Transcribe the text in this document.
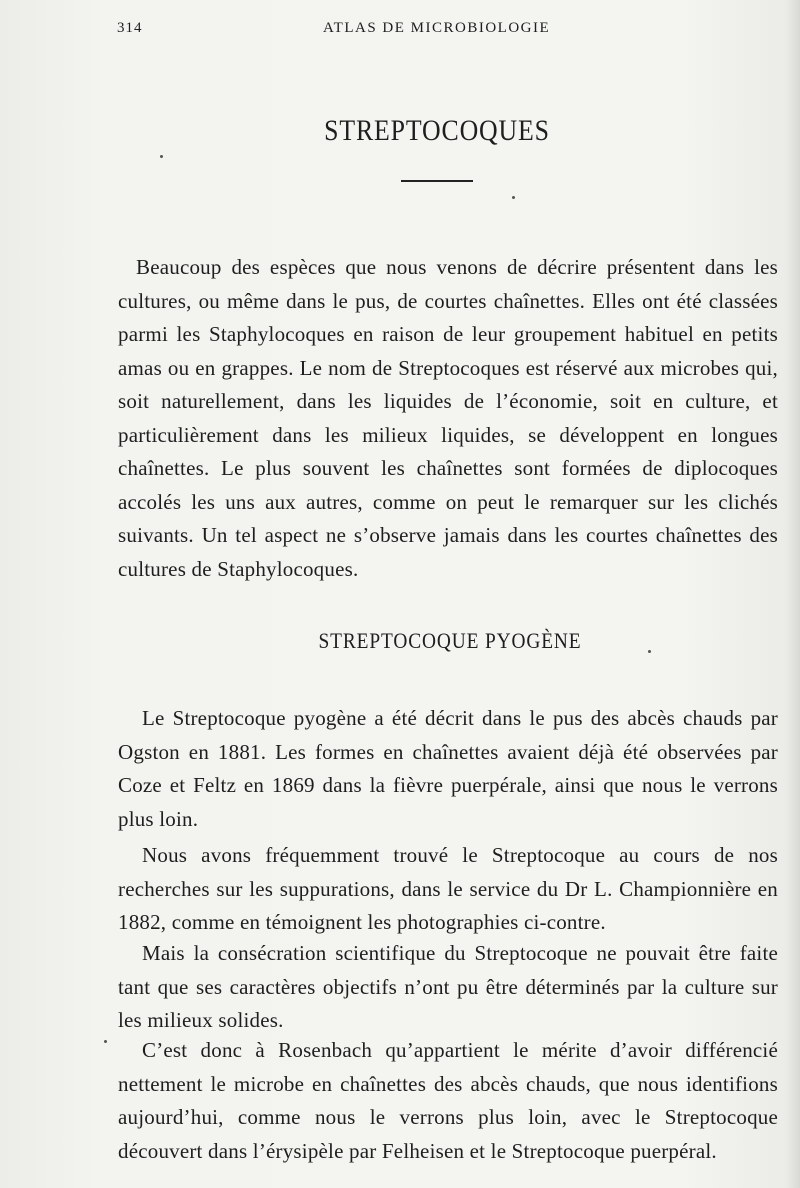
314	ATLAS DE MICROBIOLOGIE
STREPTOCOQUES

Beaucoup des espèces que nous venons de décrire présentent dans les cultures, ou même dans le pus, de courtes chaînettes. Elles ont été classées parmi les Staphylocoques en raison de leur groupement habituel en petits amas ou en grappes. Le nom de Streptocoques est réservé aux microbes qui, soit naturellement, dans les liquides de l’économie, soit en culture, et particulièrement dans les milieux liquides, se développent en longues chaînettes. Le plus souvent les chaînettes sont formées de diplocoques accolés les uns aux autres, comme on peut le remarquer sur les clichés suivants. Un tel aspect ne s’observe jamais dans les courtes chaînettes des cultures de Staphylocoques.

STREPTOCOQUE PYOGÈNE

Le Streptocoque pyogène a été décrit dans le pus des abcès chauds par Ogston en 1881. Les formes en chaînettes avaient déjà été observées par Coze et Feltz en 1869 dans la fièvre puerpérale, ainsi que nous le verrons plus loin.

Nous avons fréquemment trouvé le Streptocoque au cours de nos recherches sur les suppurations, dans le service du Dr L. Championnière en 1882, comme en témoignent les photographies ci-contre.

Mais la consécration scientifique du Streptocoque ne pouvait être faite tant que ses caractères objectifs n’ont pu être déterminés par la culture sur les milieux solides.

C’est donc à Rosenbach qu’appartient le mérite d’avoir différencié nettement le microbe en chaînettes des abcès chauds, que nous identifions aujourd’hui, comme nous le verrons plus loin, avec le Streptocoque découvert dans l’érysipèle par Felheisen et le Streptocoque puerpéral.
